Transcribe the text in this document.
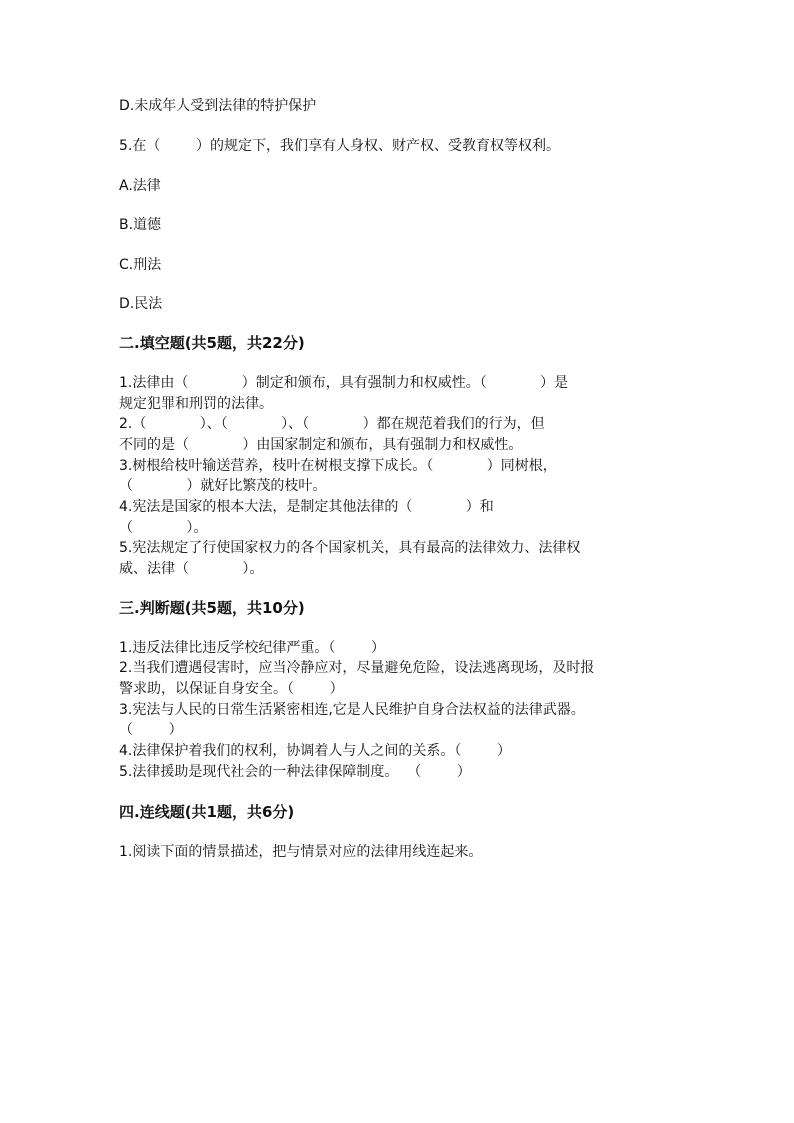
D.未成年人受到法律的特护保护

5.在（        ）的规定下，我们享有人身权、财产权、受教育权等权利。

A.法律

B.道德

C.刑法

D.民法

二.填空题(共5题，共22分)

1.法律由（            ）制定和颁布，具有强制力和权威性。（            ）是

规定犯罪和刑罚的法律。

2.（            ）、（            ）、（            ）都在规范着我们的行为，但

不同的是（            ）由国家制定和颁布，具有强制力和权威性。

3.树根给枝叶输送营养，枝叶在树根支撑下成长。（            ）同树根，

（            ）就好比繁茂的枝叶。

4.宪法是国家的根本大法，是制定其他法律的（            ）和

（            ）。

5.宪法规定了行使国家权力的各个国家机关，具有最高的法律效力、法律权

威、法律（            ）。

三.判断题(共5题，共10分)

1.违反法律比违反学校纪律严重。（        ）

2.当我们遭遇侵害时，应当冷静应对，尽量避免危险，设法逃离现场，及时报

警求助，以保证自身安全。（        ）

3.宪法与人民的日常生活紧密相连,它是人民维护自身合法权益的法律武器。

（        ）

4.法律保护着我们的权利，协调着人与人之间的关系。（        ）

5.法律援助是现代社会的一种法律保障制度。  （        ）

四.连线题(共1题，共6分)

1.阅读下面的情景描述，把与情景对应的法律用线连起来。
